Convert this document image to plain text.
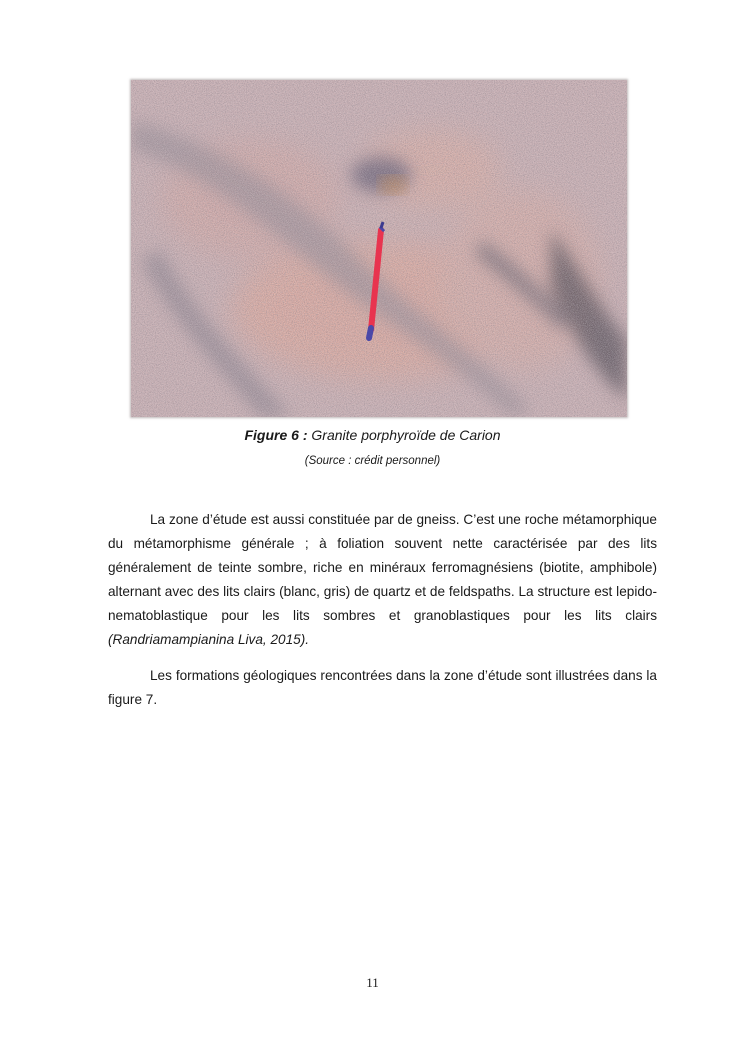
Figure 6 : Granite porphyroïde de Carion
(Source : crédit personnel)

La zone d’étude est aussi constituée par de gneiss. C’est une roche métamorphique du métamorphisme générale ; à foliation souvent nette caractérisée par des lits généralement de teinte sombre, riche en minéraux ferromagnésiens (biotite, amphibole) alternant avec des lits clairs (blanc, gris) de quartz et de feldspaths. La structure est lepido-nematoblastique pour les lits sombres et granoblastiques pour les lits clairs (Randriamampianina Liva, 2015).

Les formations géologiques rencontrées dans la zone d’étude sont illustrées dans la figure 7.

11
